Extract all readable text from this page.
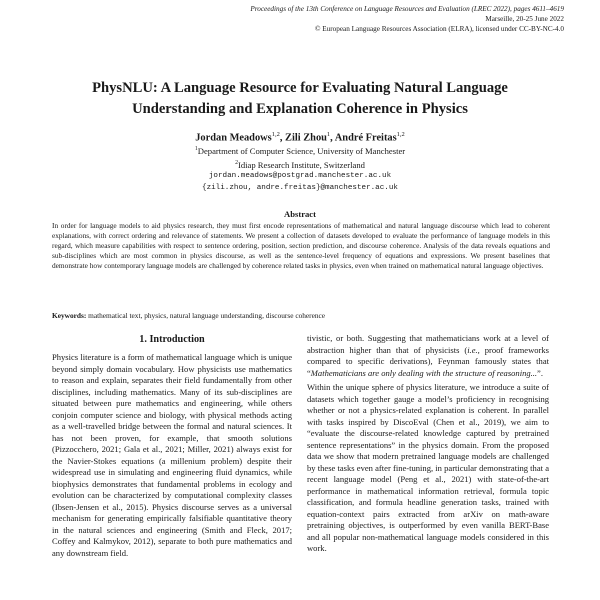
Proceedings of the 13th Conference on Language Resources and Evaluation (LREC 2022), pages 4611–4619
Marseille, 20-25 June 2022
© European Language Resources Association (ELRA), licensed under CC-BY-NC-4.0
PhysNLU: A Language Resource for Evaluating Natural Language
Understanding and Explanation Coherence in Physics
Jordan Meadows$^{1,2}$, Zili Zhou$^1$, André Freitas$^{1,2}$
$^1$Department of Computer Science, University of Manchester
$^2$Idiap Research Institute, Switzerland
jordan.meadows@postgrad.manchester.ac.uk
{zili.zhou, andre.freitas}@manchester.ac.uk
Abstract
In order for language models to aid physics research, they must first encode representations of mathematical and natural language discourse which lead to coherent explanations, with correct ordering and relevance of statements. We present a collection of datasets developed to evaluate the performance of language models in this regard, which measure capabilities with respect to sentence ordering, position, section prediction, and discourse coherence. Analysis of the data reveals equations and sub-disciplines which are most common in physics discourse, as well as the sentence-level frequency of equations and expressions. We present baselines that demonstrate how contemporary language models are challenged by coherence related tasks in physics, even when trained on mathematical natural language objectives.
Keywords: mathematical text, physics, natural language understanding, discourse coherence
1. Introduction

Physics literature is a form of mathematical language which is unique beyond simply domain vocabulary. How physicists use mathematics to reason and explain, separates their field fundamentally from other disciplines, including mathematics. Many of its sub-disciplines are situated between pure mathematics and engineering, while others conjoin computer science and biology, with physical methods acting as a well-travelled bridge between the formal and natural sciences. It has not been proven, for example, that smooth solutions (Pizzocchero, 2021; Gala et al., 2021; Miller, 2021) always exist for the Navier-Stokes equations (a millenium problem) despite their widespread use in simulating and engineering fluid dynamics, while biophysics demonstrates that fundamental problems in ecology and evolution can be characterized by computational complexity classes (Ibsen-Jensen et al., 2015). Physics discourse serves as a universal mechanism for generating empirically falsifiable quantitative theory in the natural sciences and engineering (Smith and Fleck, 2017; Coffey and Kalmykov, 2012), separate to both pure mathematics and any downstream field.

tivistic, or both. Suggesting that mathematicians work at a level of abstraction higher than that of physicists (i.e., proof frameworks compared to specific derivations), Feynman famously states that “Mathematicians are only dealing with the structure of reasoning...”.

Within the unique sphere of physics literature, we introduce a suite of datasets which together gauge a model’s proficiency in recognising whether or not a physics-related explanation is coherent. In parallel with tasks inspired by DiscoEval (Chen et al., 2019), we aim to “evaluate the discourse-related knowledge captured by pretrained sentence representations” in the physics domain. From the proposed data we show that modern pretrained language models are challenged by these tasks even after fine-tuning, in particular demonstrating that a recent language model (Peng et al., 2021) with state-of-the-art performance in mathematical information retrieval, formula topic classification, and formula headline generation tasks, trained with equation-context pairs extracted from arXiv on math-aware pretraining objectives, is outperformed by even vanilla BERT-Base and all popular non-mathematical language models considered in this work.
